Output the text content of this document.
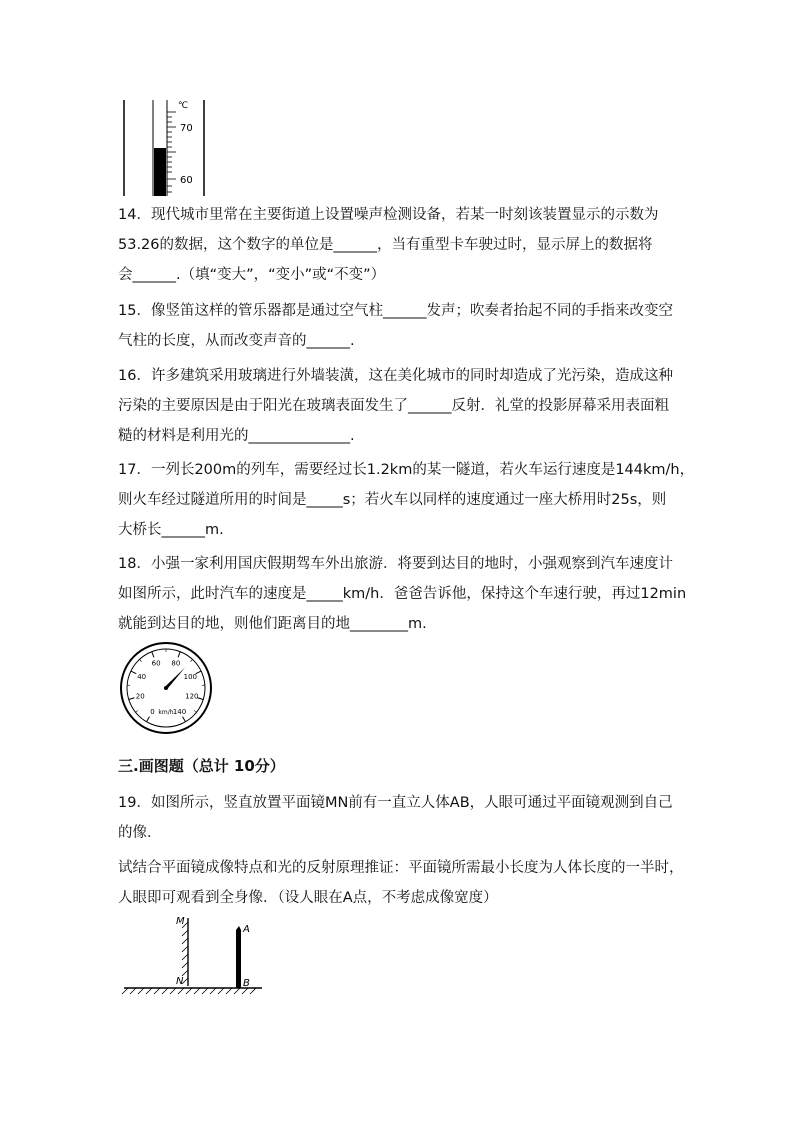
℃
70
60
14．现代城市里常在主要街道上设置噪声检测设备，若某一时刻该装置显示的示数为
53.26的数据，这个数字的单位是______，当有重型卡车驶过时，显示屏上的数据将
会______.（填“变大”，“变小”或“不变”）
15．像竖笛这样的管乐器都是通过空气柱______发声；吹奏者抬起不同的手指来改变空
气柱的长度，从而改变声音的______.
16．许多建筑采用玻璃进行外墙装潢，这在美化城市的同时却造成了光污染，造成这种
污染的主要原因是由于阳光在玻璃表面发生了______反射．礼堂的投影屏幕采用表面粗
糙的材料是利用光的______________.
17．一列长200m的列车，需要经过长1.2km的某一隧道，若火车运行速度是144km/h，
则火车经过隧道所用的时间是_____s；若火车以同样的速度通过一座大桥用时25s，则
大桥长______m.
18．小强一家利用国庆假期驾车外出旅游．将要到达目的地时，小强观察到汽车速度计
如图所示，此时汽车的速度是_____km/h．爸爸告诉他，保持这个车速行驶，再过12min
就能到达目的地，则他们距离目的地________m.
0
20
40
60 80
100
120
140
km/h
三.画图题（总计 10分）
19．如图所示，竖直放置平面镜MN前有一直立人体AB，人眼可通过平面镜观测到自己
的像．
试结合平面镜成像特点和光的反射原理推证：平面镜所需最小长度为人体长度的一半时，
人眼即可观看到全身像．（设人眼在A点，不考虑成像宽度）
M
N
A
B
